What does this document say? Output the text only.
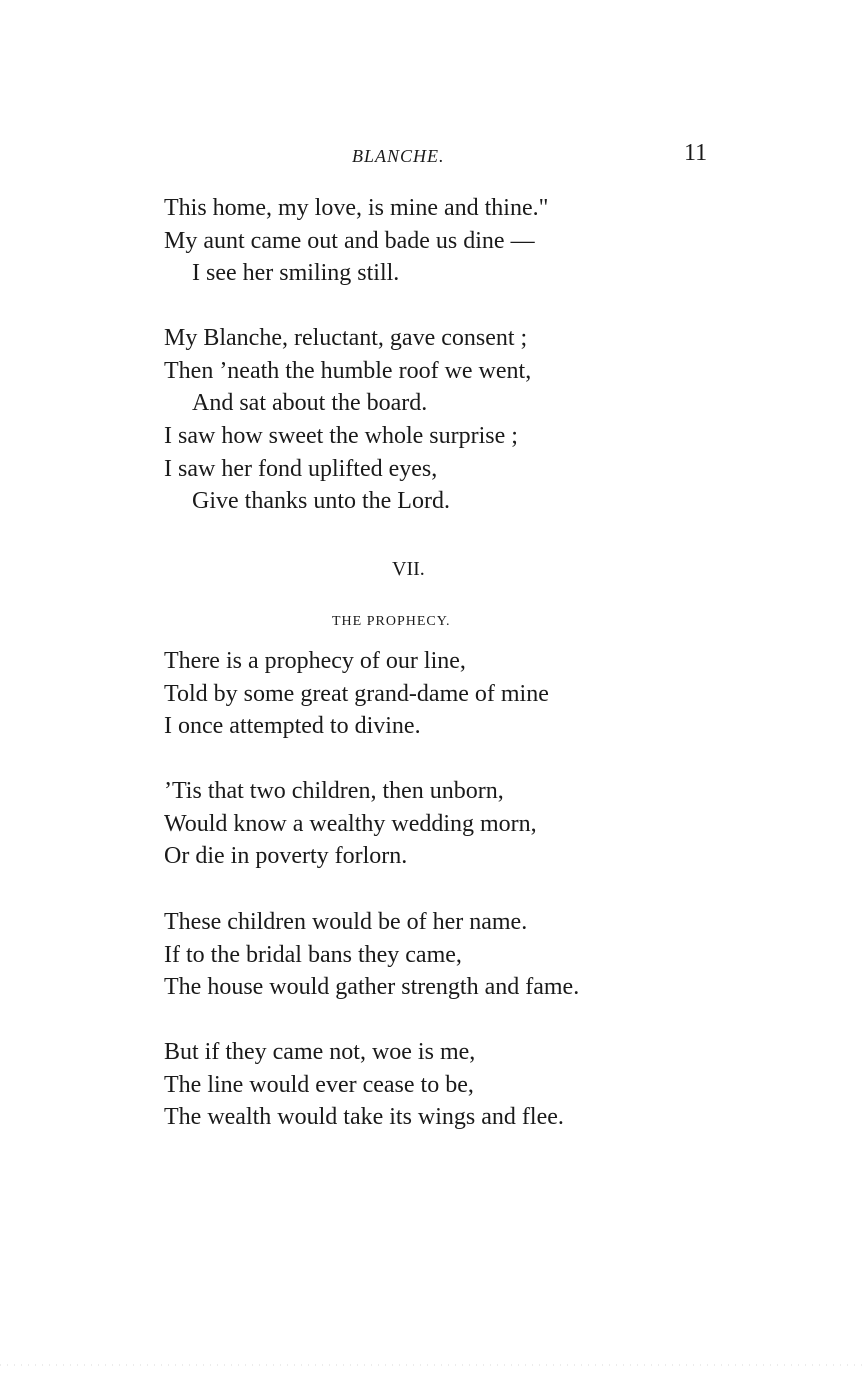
BLANCHE.	11
This home, my love, is mine and thine."
My aunt came out and bade us dine —
I see her smiling still.
My Blanche, reluctant, gave consent ;
Then ’neath the humble roof we went,
And sat about the board.
I saw how sweet the whole surprise ;
I saw her fond uplifted eyes,
Give thanks unto the Lord.
VII.
THE PROPHECY.
There is a prophecy of our line,
Told by some great grand-dame of mine
I once attempted to divine.
’Tis that two children, then unborn,
Would know a wealthy wedding morn,
Or die in poverty forlorn.
These children would be of her name.
If to the bridal bans they came,
The house would gather strength and fame.
But if they came not, woe is me,
The line would ever cease to be,
The wealth would take its wings and flee.
